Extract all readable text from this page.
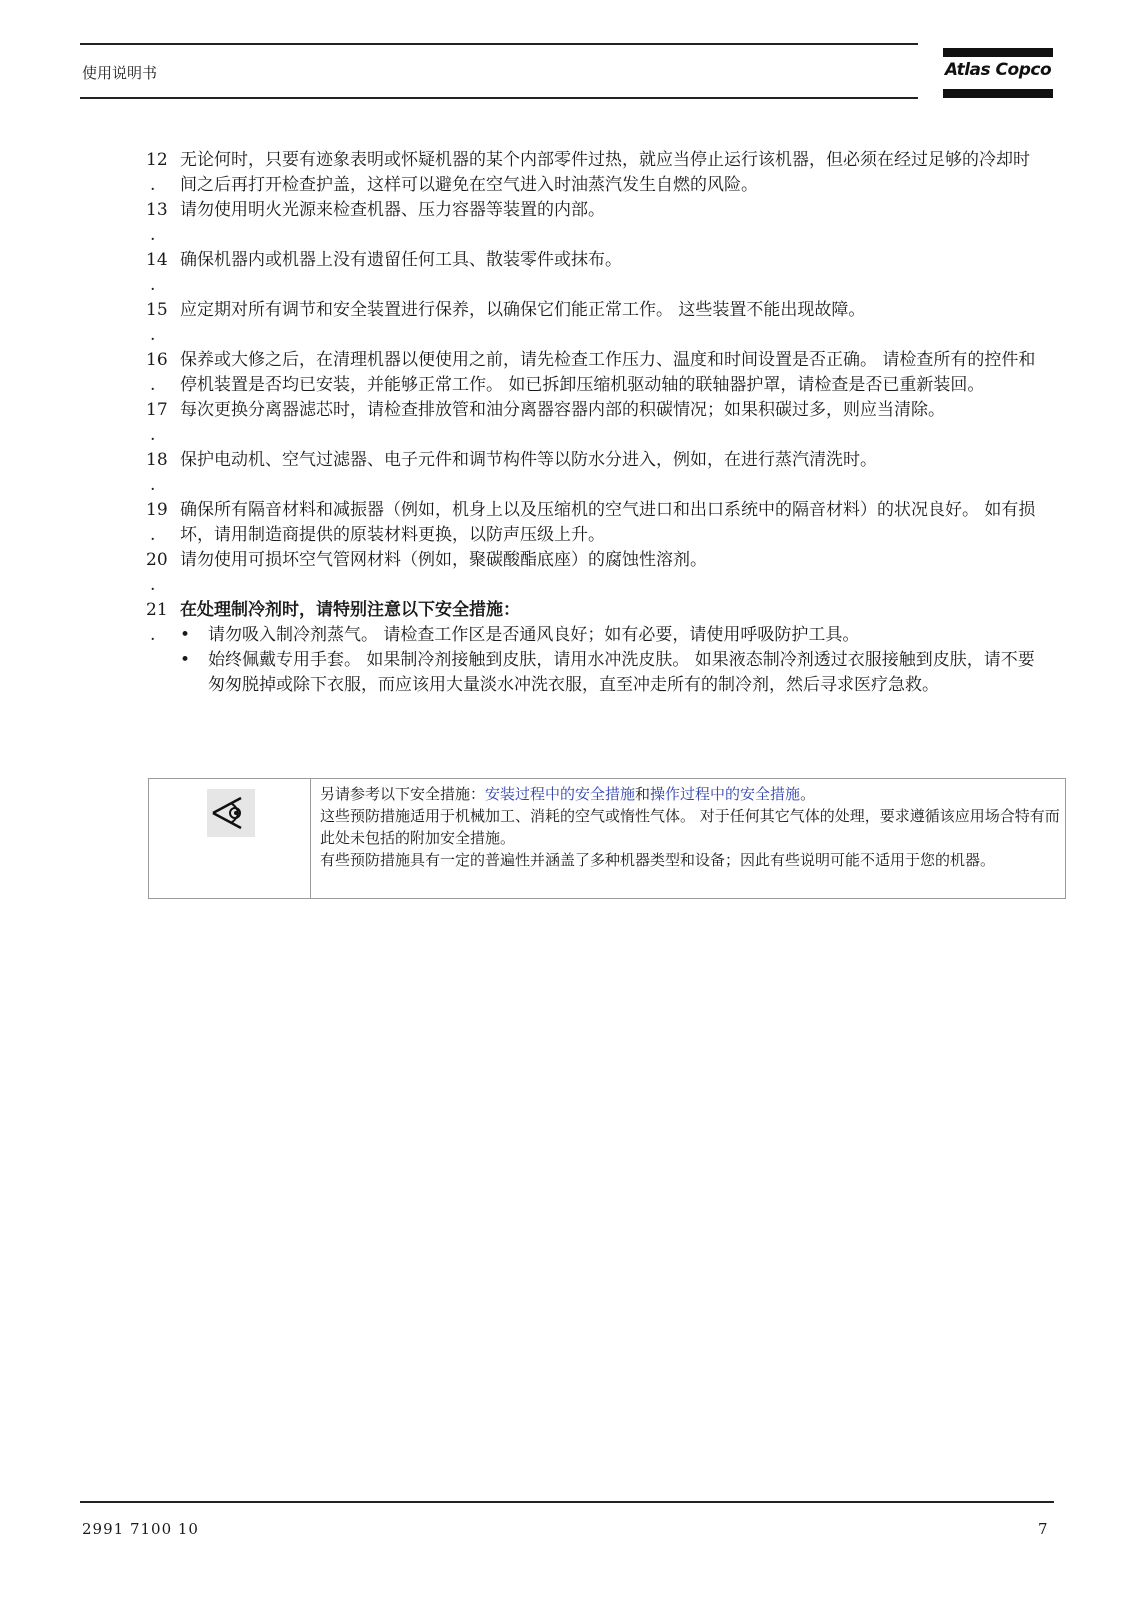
使用说明书	Atlas Copco
12
.
无论何时，只要有迹象表明或怀疑机器的某个内部零件过热，就应当停止运行该机器，但必须在经过足够的冷却时间之后再打开检查护盖，这样可以避免在空气进入时油蒸汽发生自燃的风险。
13
.
请勿使用明火光源来检查机器、压力容器等装置的内部。
14
.
确保机器内或机器上没有遗留任何工具、散装零件或抹布。
15
.
应定期对所有调节和安全装置进行保养，以确保它们能正常工作。 这些装置不能出现故障。
16
.
保养或大修之后，在清理机器以便使用之前，请先检查工作压力、温度和时间设置是否正确。 请检查所有的控件和停机装置是否均已安装，并能够正常工作。 如已拆卸压缩机驱动轴的联轴器护罩，请检查是否已重新装回。
17
.
每次更换分离器滤芯时，请检查排放管和油分离器容器内部的积碳情况；如果积碳过多，则应当清除。
18
.
保护电动机、空气过滤器、电子元件和调节构件等以防水分进入，例如，在进行蒸汽清洗时。
19
.
确保所有隔音材料和减振器（例如，机身上以及压缩机的空气进口和出口系统中的隔音材料）的状况良好。 如有损坏，请用制造商提供的原装材料更换，以防声压级上升。
20
.
请勿使用可损坏空气管网材料（例如，聚碳酸酯底座）的腐蚀性溶剂。
21
.
在处理制冷剂时，请特别注意以下安全措施：
• 请勿吸入制冷剂蒸气。 请检查工作区是否通风良好；如有必要，请使用呼吸防护工具。
• 始终佩戴专用手套。 如果制冷剂接触到皮肤，请用水冲洗皮肤。 如果液态制冷剂透过衣服接触到皮肤，请不要匆匆脱掉或除下衣服，而应该用大量淡水冲洗衣服，直至冲走所有的制冷剂，然后寻求医疗急救。
另请参考以下安全措施：安装过程中的安全措施和操作过程中的安全措施。
这些预防措施适用于机械加工、消耗的空气或惰性气体。 对于任何其它气体的处理，要求遵循该应用场合特有而此处未包括的附加安全措施。
有些预防措施具有一定的普遍性并涵盖了多种机器类型和设备；因此有些说明可能不适用于您的机器。
2991 7100 10	7
